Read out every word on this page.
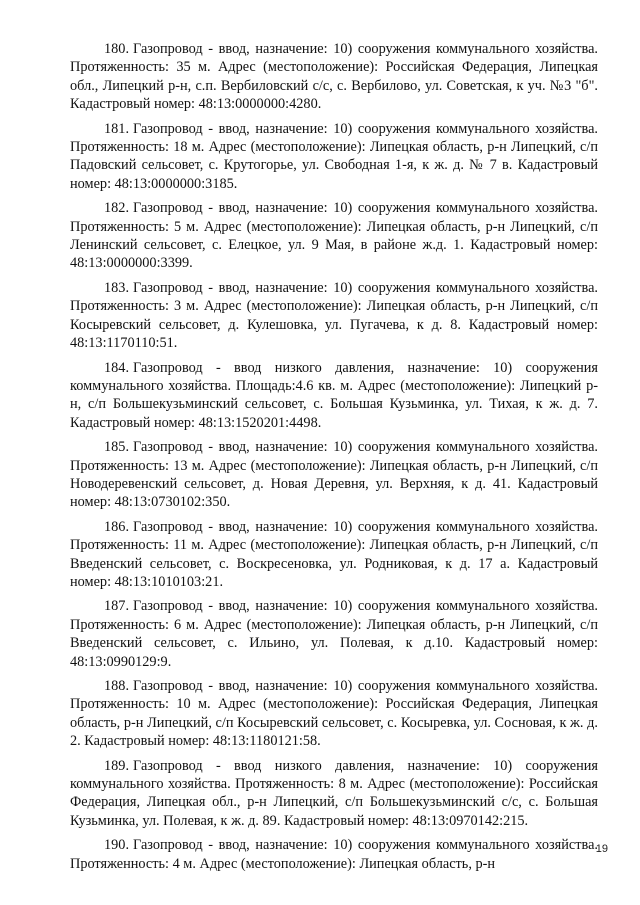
180. Газопровод - ввод, назначение: 10) сооружения коммунального хозяйства. Протяженность: 35 м. Адрес (местоположение): Российская Федерация, Липецкая обл., Липецкий р-н, с.п. Вербиловский с/с, с. Вербилово, ул. Советская, к уч. №3 "б". Кадастровый номер: 48:13:0000000:4280.

181. Газопровод - ввод, назначение: 10) сооружения коммунального хозяйства. Протяженность: 18 м. Адрес (местоположение): Липецкая область, р-н Липецкий, с/п Падовский сельсовет, с. Крутогорье, ул. Свободная 1-я, к ж. д. № 7 в. Кадастровый номер: 48:13:0000000:3185.

182. Газопровод - ввод, назначение: 10) сооружения коммунального хозяйства. Протяженность: 5 м. Адрес (местоположение): Липецкая область, р-н Липецкий, с/п Ленинский сельсовет, с. Елецкое, ул. 9 Мая, в районе ж.д. 1. Кадастровый номер: 48:13:0000000:3399.

183. Газопровод - ввод, назначение: 10) сооружения коммунального хозяйства. Протяженность: 3 м. Адрес (местоположение): Липецкая область, р-н Липецкий, с/п Косыревский сельсовет, д. Кулешовка, ул. Пугачева, к д. 8. Кадастровый номер: 48:13:1170110:51.

184. Газопровод - ввод низкого давления, назначение: 10) сооружения коммунального хозяйства. Площадь:4.6 кв. м. Адрес (местоположение): Липецкий р-н, с/п Большекузьминский сельсовет, с. Большая Кузьминка, ул. Тихая, к ж. д. 7. Кадастровый номер: 48:13:1520201:4498.

185. Газопровод - ввод, назначение: 10) сооружения коммунального хозяйства. Протяженность: 13 м. Адрес (местоположение): Липецкая область, р-н Липецкий, с/п Новодеревенский сельсовет, д. Новая Деревня, ул. Верхняя, к д. 41. Кадастровый номер: 48:13:0730102:350.

186. Газопровод - ввод, назначение: 10) сооружения коммунального хозяйства. Протяженность: 11 м. Адрес (местоположение): Липецкая область, р-н Липецкий, с/п Введенский сельсовет, с. Воскресеновка, ул. Родниковая, к д. 17 а. Кадастровый номер: 48:13:1010103:21.

187. Газопровод - ввод, назначение: 10) сооружения коммунального хозяйства. Протяженность: 6 м. Адрес (местоположение): Липецкая область, р-н Липецкий, с/п Введенский сельсовет, с. Ильино, ул. Полевая, к д.10. Кадастровый номер: 48:13:0990129:9.

188. Газопровод - ввод, назначение: 10) сооружения коммунального хозяйства. Протяженность: 10 м. Адрес (местоположение): Российская Федерация, Липецкая область, р-н Липецкий, с/п Косыревский сельсовет, с. Косыревка, ул. Сосновая, к ж. д. 2. Кадастровый номер: 48:13:1180121:58.

189. Газопровод - ввод низкого давления, назначение: 10) сооружения коммунального хозяйства. Протяженность: 8 м. Адрес (местоположение): Российская Федерация, Липецкая обл., р-н Липецкий, с/п Большекузьминский с/с, с. Большая Кузьминка, ул. Полевая, к ж. д. 89. Кадастровый номер: 48:13:0970142:215.

190. Газопровод - ввод, назначение: 10) сооружения коммунального хозяйства. Протяженность: 4 м. Адрес (местоположение): Липецкая область, р-н

19
